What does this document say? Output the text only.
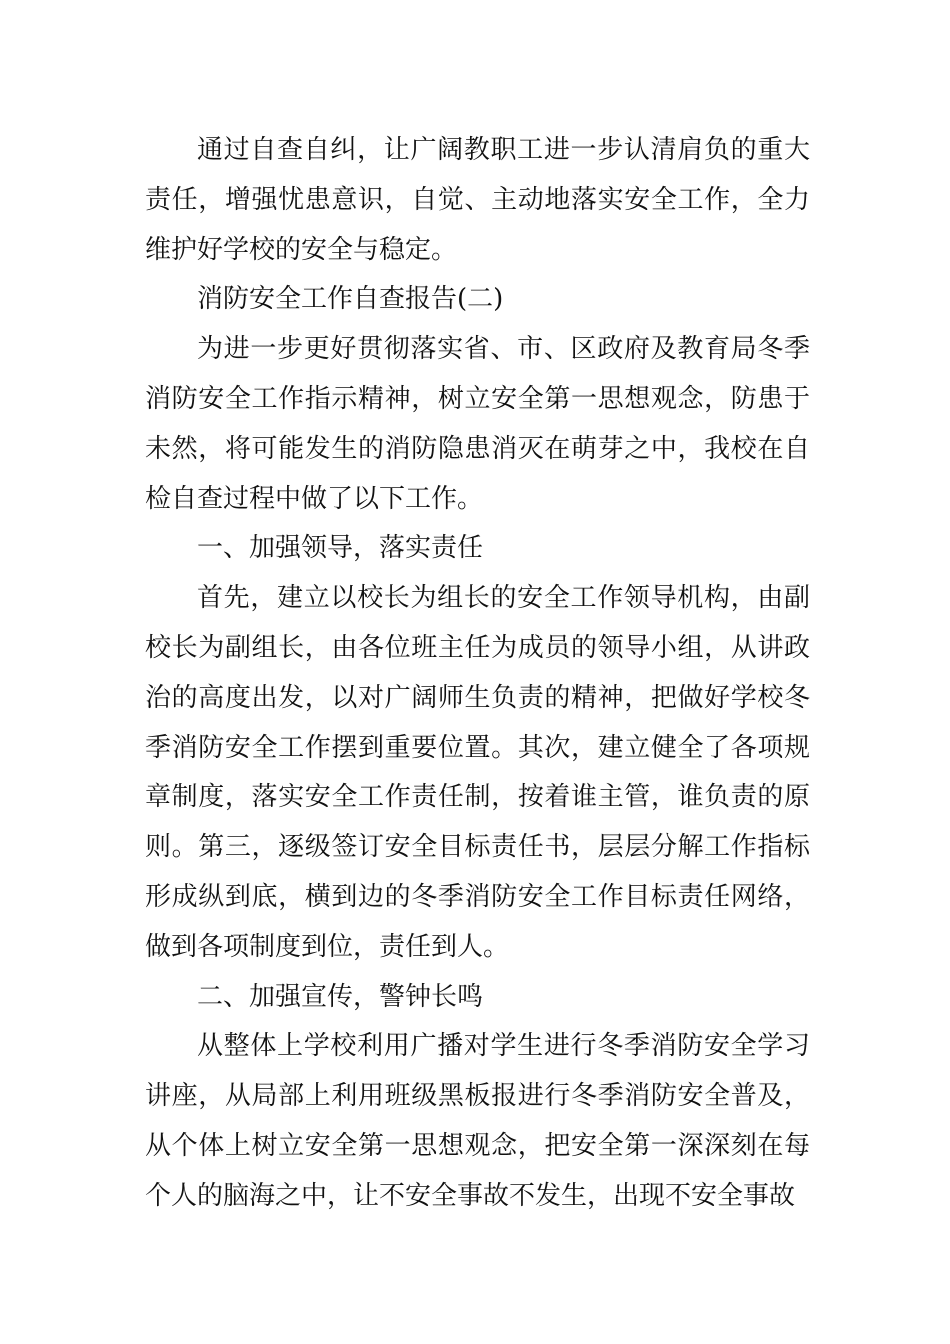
通过自查自纠，让广阔教职工进一步认清肩负的重大责任，增强忧患意识，自觉、主动地落实安全工作，全力维护好学校的安全与稳定。

消防安全工作自查报告(二)

为进一步更好贯彻落实省、市、区政府及教育局冬季消防安全工作指示精神，树立安全第一思想观念，防患于未然，将可能发生的消防隐患消灭在萌芽之中，我校在自检自查过程中做了以下工作。

一、加强领导，落实责任

首先，建立以校长为组长的安全工作领导机构，由副校长为副组长，由各位班主任为成员的领导小组，从讲政治的高度出发，以对广阔师生负责的精神，把做好学校冬季消防安全工作摆到重要位置。其次，建立健全了各项规章制度，落实安全工作责任制，按着谁主管，谁负责的原则。第三，逐级签订安全目标责任书，层层分解工作指标形成纵到底，横到边的冬季消防安全工作目标责任网络，做到各项制度到位，责任到人。

二、加强宣传，警钟长鸣

从整体上学校利用广播对学生进行冬季消防安全学习讲座，从局部上利用班级黑板报进行冬季消防安全普及，从个体上树立安全第一思想观念，把安全第一深深刻在每个人的脑海之中，让不安全事故不发生，出现不安全事故
